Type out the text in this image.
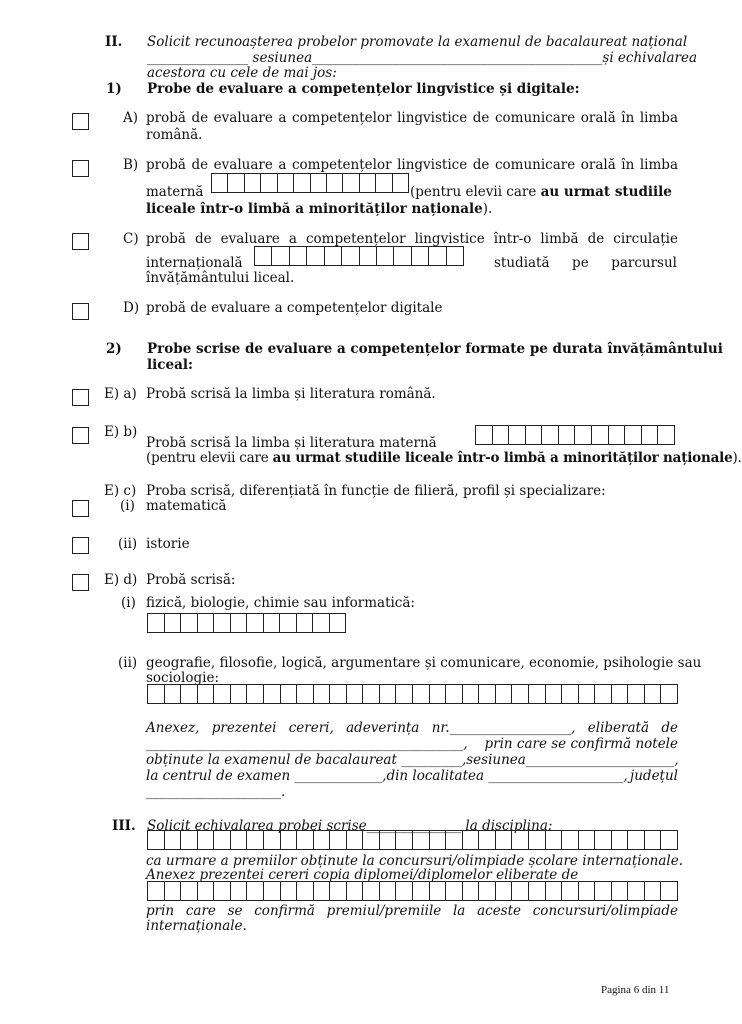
II. Solicit recunoașterea probelor promovate la examenul de bacalaureat național
_______________ sesiunea ___________________________________________ și echivalarea
acestora cu cele de mai jos:
1) Probe de evaluare a competențelor lingvistice și digitale:
A) probă de evaluare a competențelor lingvistice de comunicare orală în limba
română.
B) probă de evaluare a competențelor lingvistice de comunicare orală în limba
maternă	(pentru elevii care au urmat studiile
liceale într-o limbă a minorităților naționale).
C) probă de evaluare a competențelor lingvistice într-o limbă de circulație
internațională	studiată pe parcursul
învățământului liceal.
D) probă de evaluare a competențelor digitale
2) Probe scrise de evaluare a competențelor formate pe durata învățământului
liceal:
E) a) Probă scrisă la limba și literatura română.
E) b)
Probă scrisă la limba și literatura maternă
(pentru elevii care au urmat studiile liceale într-o limbă a minorităților naționale).
E) c) Proba scrisă, diferențiată în funcție de filieră, profil și specializare:
(i) matematică
(ii) istorie
E) d) Probă scrisă:
(i) fizică, biologie, chimie sau informatică:
(ii) geografie, filosofie, logică, argumentare și comunicare, economie, psihologie sau
sociologie:
Anexez, prezentei cereri, adeverința nr.__________________, eliberată de
_______________________________________________, prin care se confirmă notele
obținute la examenul de bacalaureat _________, sesiunea______________________,
la centrul de examen _____________,din localitatea ____________________, județul
____________________.
III. Solicit echivalarea probei scrise______________ la disciplina:
ca urmare a premiilor obținute la concursuri/olimpiade școlare internaționale.
Anexez prezentei cereri copia diplomei/diplomelor eliberate de
prin care se confirmă premiul/premiile la aceste concursuri/olimpiade
internaționale.
Pagina 6 din 11
